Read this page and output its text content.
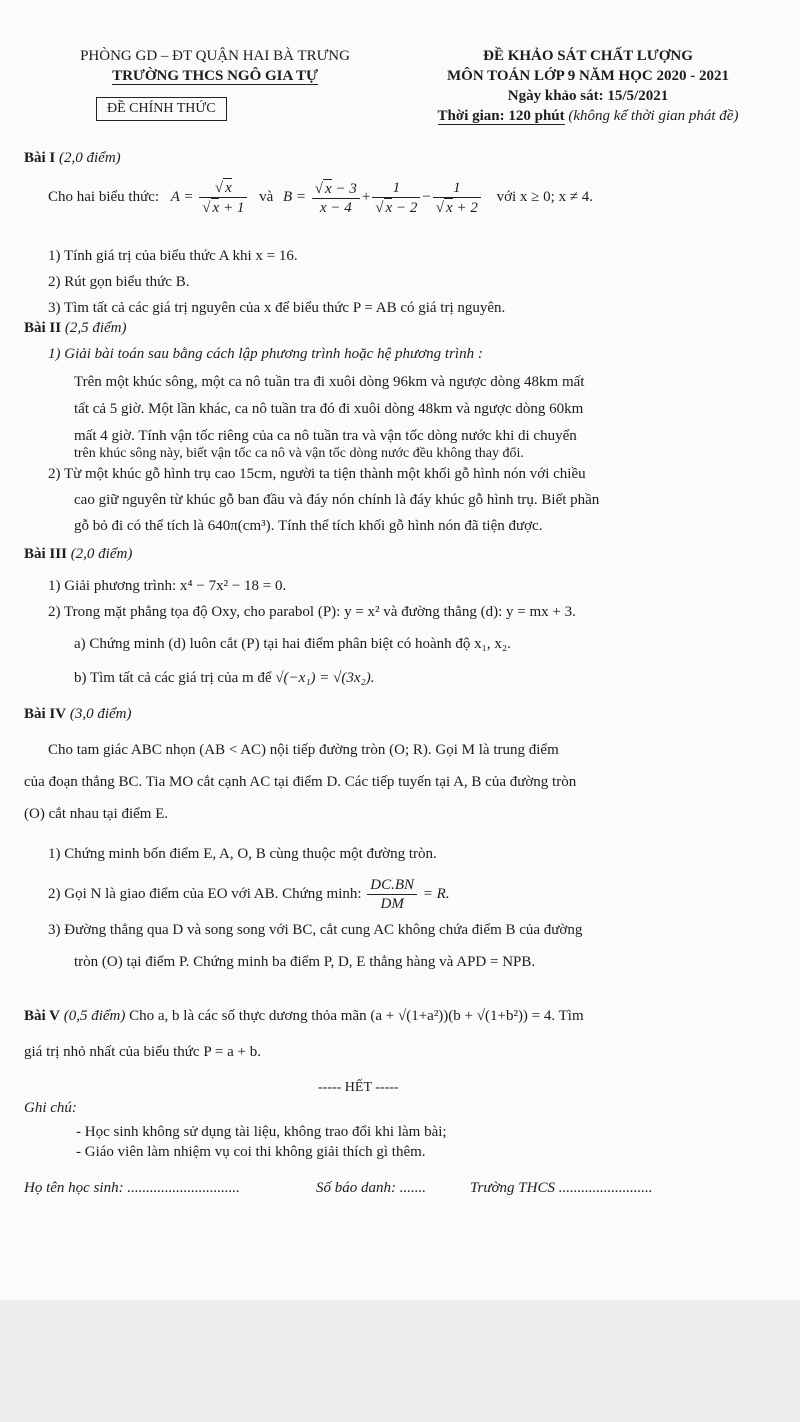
PHÒNG GD – ĐT QUẬN HAI BÀ TRƯNG
TRƯỜNG THCS NGÔ GIA TỰ
ĐỀ CHÍNH THỨC
ĐỀ KHẢO SÁT CHẤT LƯỢNG
MÔN TOÁN LỚP 9 NĂM HỌC 2020 - 2021
Ngày khảo sát: 15/5/2021
Thời gian: 120 phút (không kể thời gian phát đề)
Bài I (2,0 điểm)
Cho hai biểu thức: $A = \frac{√ x}{√ x + 1}$ và $B = \frac{√ x - 3}{x - 4} + \frac{1}{√ x - 2} - \frac{1}{√ x + 2}$ với x ≥ 0; x ≠ 4.
1) Tính giá trị của biểu thức A khi x = 16.
2) Rút gọn biểu thức B.
3) Tìm tất cả các giá trị nguyên của x để biểu thức P = AB có giá trị nguyên.
Bài II (2,5 điểm)
1) Giải bài toán sau bằng cách lập phương trình hoặc hệ phương trình :
Trên một khúc sông, một ca nô tuần tra đi xuôi dòng 96km và ngược dòng 48km mất
tất cả 5 giờ. Một lần khác, ca nô tuần tra đó đi xuôi dòng 48km và ngược dòng 60km
mất 4 giờ. Tính vận tốc riêng của ca nô tuần tra và vận tốc dòng nước khi di chuyển
trên khúc sông này, biết vận tốc ca nô và vận tốc dòng nước đều không thay đổi.
2) Từ một khúc gỗ hình trụ cao 15cm, người ta tiện thành một khối gỗ hình nón với chiều
cao giữ nguyên từ khúc gỗ ban đầu và đáy nón chính là đáy khúc gỗ hình trụ. Biết phần
gỗ bỏ đi có thể tích là 640π(cm³). Tính thể tích khối gỗ hình nón đã tiện được.
Bài III (2,0 điểm)
1) Giải phương trình: x⁴ − 7x² − 18 = 0.
2) Trong mặt phẳng tọa độ Oxy, cho parabol (P): y = x² và đường thẳng (d): y = mx + 3.
a) Chứng minh (d) luôn cắt (P) tại hai điểm phân biệt có hoành độ x₁, x₂.
b) Tìm tất cả các giá trị của m để √(−x₁) = √(3x₂).
Bài IV (3,0 điểm)
Cho tam giác ABC nhọn (AB < AC) nội tiếp đường tròn (O; R). Gọi M là trung điểm
của đoạn thẳng BC. Tia MO cắt cạnh AC tại điểm D. Các tiếp tuyến tại A, B của đường tròn
(O) cắt nhau tại điểm E.
1) Chứng minh bốn điểm E, A, O, B cùng thuộc một đường tròn.
2) Gọi N là giao điểm của EO với AB. Chứng minh: $\frac{DC.BN}{DM} = R$.
3) Đường thẳng qua D và song song với BC, cắt cung AC không chứa điểm B của đường
tròn (O) tại điểm P. Chứng minh ba điểm P, D, E thẳng hàng và APD = NPB.
Bài V (0,5 điểm) Cho a, b là các số thực dương thỏa mãn (a + √(1+a²))(b + √(1+b²)) = 4. Tìm
giá trị nhỏ nhất của biểu thức P = a + b.
----- HẾT -----
Ghi chú:
- Học sinh không sử dụng tài liệu, không trao đổi khi làm bài;
- Giáo viên làm nhiệm vụ coi thi không giải thích gì thêm.
Họ tên học sinh: ..............................	Số báo danh: .......	Trường THCS .........................
